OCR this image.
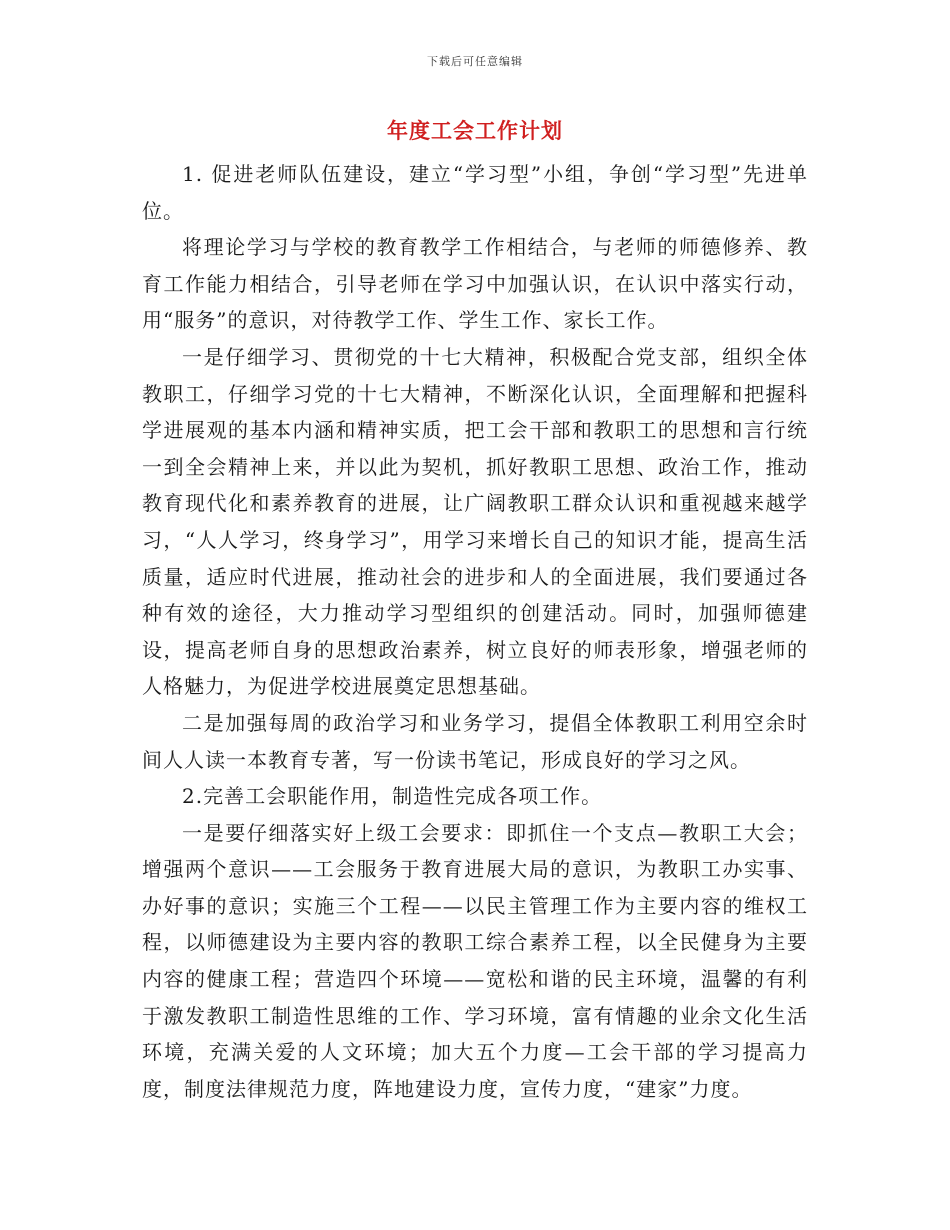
下载后可任意编辑
年度工会工作计划

1. 促进老师队伍建设，建立“学习型”小组，争创“学习型”先进单位。

将理论学习与学校的教育教学工作相结合，与老师的师德修养、教育工作能力相结合，引导老师在学习中加强认识，在认识中落实行动，用“服务”的意识，对待教学工作、学生工作、家长工作。

一是仔细学习、贯彻党的十七大精神，积极配合党支部，组织全体教职工，仔细学习党的十七大精神，不断深化认识，全面理解和把握科学进展观的基本内涵和精神实质，把工会干部和教职工的思想和言行统一到全会精神上来，并以此为契机，抓好教职工思想、政治工作，推动教育现代化和素养教育的进展，让广阔教职工群众认识和重视越来越学习，“人人学习，终身学习”，用学习来增长自己的知识才能，提高生活质量，适应时代进展，推动社会的进步和人的全面进展，我们要通过各种有效的途径，大力推动学习型组织的创建活动。同时，加强师德建设，提高老师自身的思想政治素养，树立良好的师表形象，增强老师的人格魅力，为促进学校进展奠定思想基础。

二是加强每周的政治学习和业务学习，提倡全体教职工利用空余时间人人读一本教育专著，写一份读书笔记，形成良好的学习之风。

2.完善工会职能作用，制造性完成各项工作。

一是要仔细落实好上级工会要求：即抓住一个支点—教职工大会；增强两个意识——工会服务于教育进展大局的意识，为教职工办实事、办好事的意识；实施三个工程——以民主管理工作为主要内容的维权工程，以师德建设为主要内容的教职工综合素养工程，以全民健身为主要内容的健康工程；营造四个环境——宽松和谐的民主环境，温馨的有利于激发教职工制造性思维的工作、学习环境，富有情趣的业余文化生活环境，充满关爱的人文环境；加大五个力度—工会干部的学习提高力度，制度法律规范力度，阵地建设力度，宣传力度，“建家”力度。
